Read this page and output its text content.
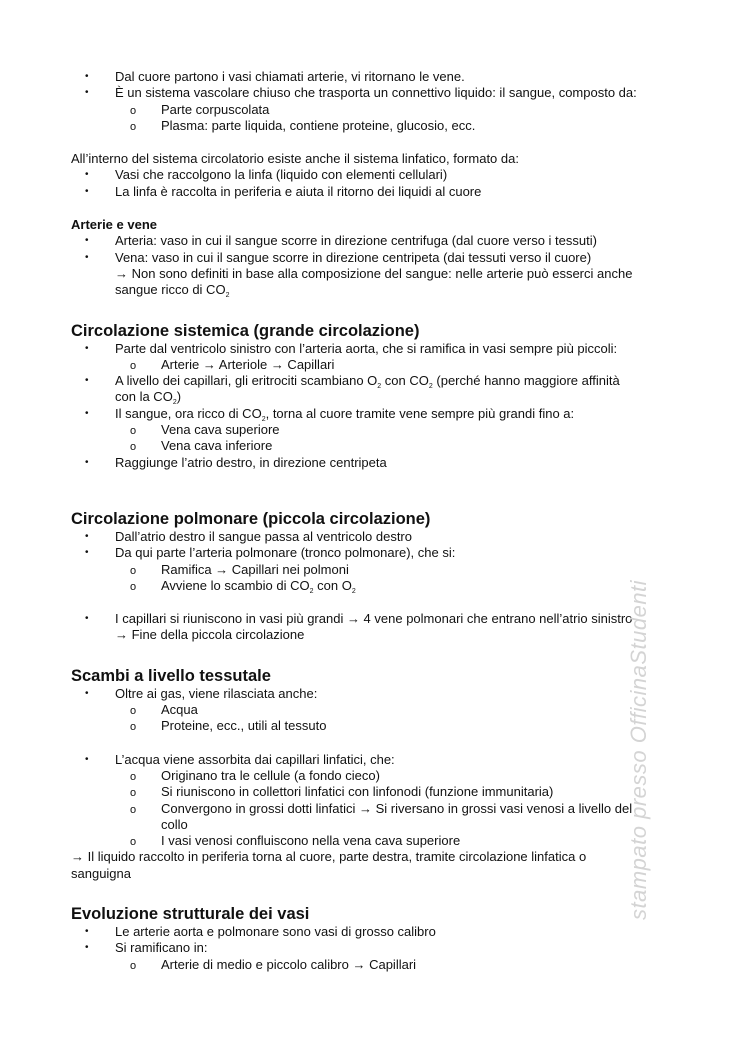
• Dal cuore partono i vasi chiamati arterie, vi ritornano le vene.
• È un sistema vascolare chiuso che trasporta un connettivo liquido: il sangue, composto da:
o Parte corpuscolata
o Plasma: parte liquida, contiene proteine, glucosio, ecc.
All’interno del sistema circolatorio esiste anche il sistema linfatico, formato da:
• Vasi che raccolgono la linfa (liquido con elementi cellulari)
• La linfa è raccolta in periferia e aiuta il ritorno dei liquidi al cuore
Arterie e vene
• Arteria: vaso in cui il sangue scorre in direzione centrifuga (dal cuore verso i tessuti)
• Vena: vaso in cui il sangue scorre in direzione centripeta (dai tessuti verso il cuore)
→ Non sono definiti in base alla composizione del sangue: nelle arterie può esserci anche
sangue ricco di $CO_2$
Circolazione sistemica (grande circolazione)
• Parte dal ventricolo sinistro con l’arteria aorta, che si ramifica in vasi sempre più piccoli:
o Arterie → Arteriole → Capillari
• A livello dei capillari, gli eritrociti scambiano $O_2$ con $CO_2$ (perché hanno maggiore affinità
con la $CO_2$)
• Il sangue, ora ricco di $CO_2$, torna al cuore tramite vene sempre più grandi fino a:
o Vena cava superiore
o Vena cava inferiore
• Raggiunge l’atrio destro, in direzione centripeta
Circolazione polmonare (piccola circolazione)
• Dall’atrio destro il sangue passa al ventricolo destro
• Da qui parte l’arteria polmonare (tronco polmonare), che si:
o Ramifica → Capillari nei polmoni
o Avviene lo scambio di $CO_2$ con $O_2$
• I capillari si riuniscono in vasi più grandi → 4 vene polmonari che entrano nell’atrio sinistro
→ Fine della piccola circolazione
Scambi a livello tessutale
• Oltre ai gas, viene rilasciata anche:
o Acqua
o Proteine, ecc., utili al tessuto
• L’acqua viene assorbita dai capillari linfatici, che:
o Originano tra le cellule (a fondo cieco)
o Si riuniscono in collettori linfatici con linfonodi (funzione immunitaria)
o Convergono in grossi dotti linfatici → Si riversano in grossi vasi venosi a livello del
collo
o I vasi venosi confluiscono nella vena cava superiore
→ Il liquido raccolto in periferia torna al cuore, parte destra, tramite circolazione linfatica o
sanguigna
Evoluzione strutturale dei vasi
• Le arterie aorta e polmonare sono vasi di grosso calibro
• Si ramificano in:
o Arterie di medio e piccolo calibro → Capillari
stampato presso OfficinaStudenti
